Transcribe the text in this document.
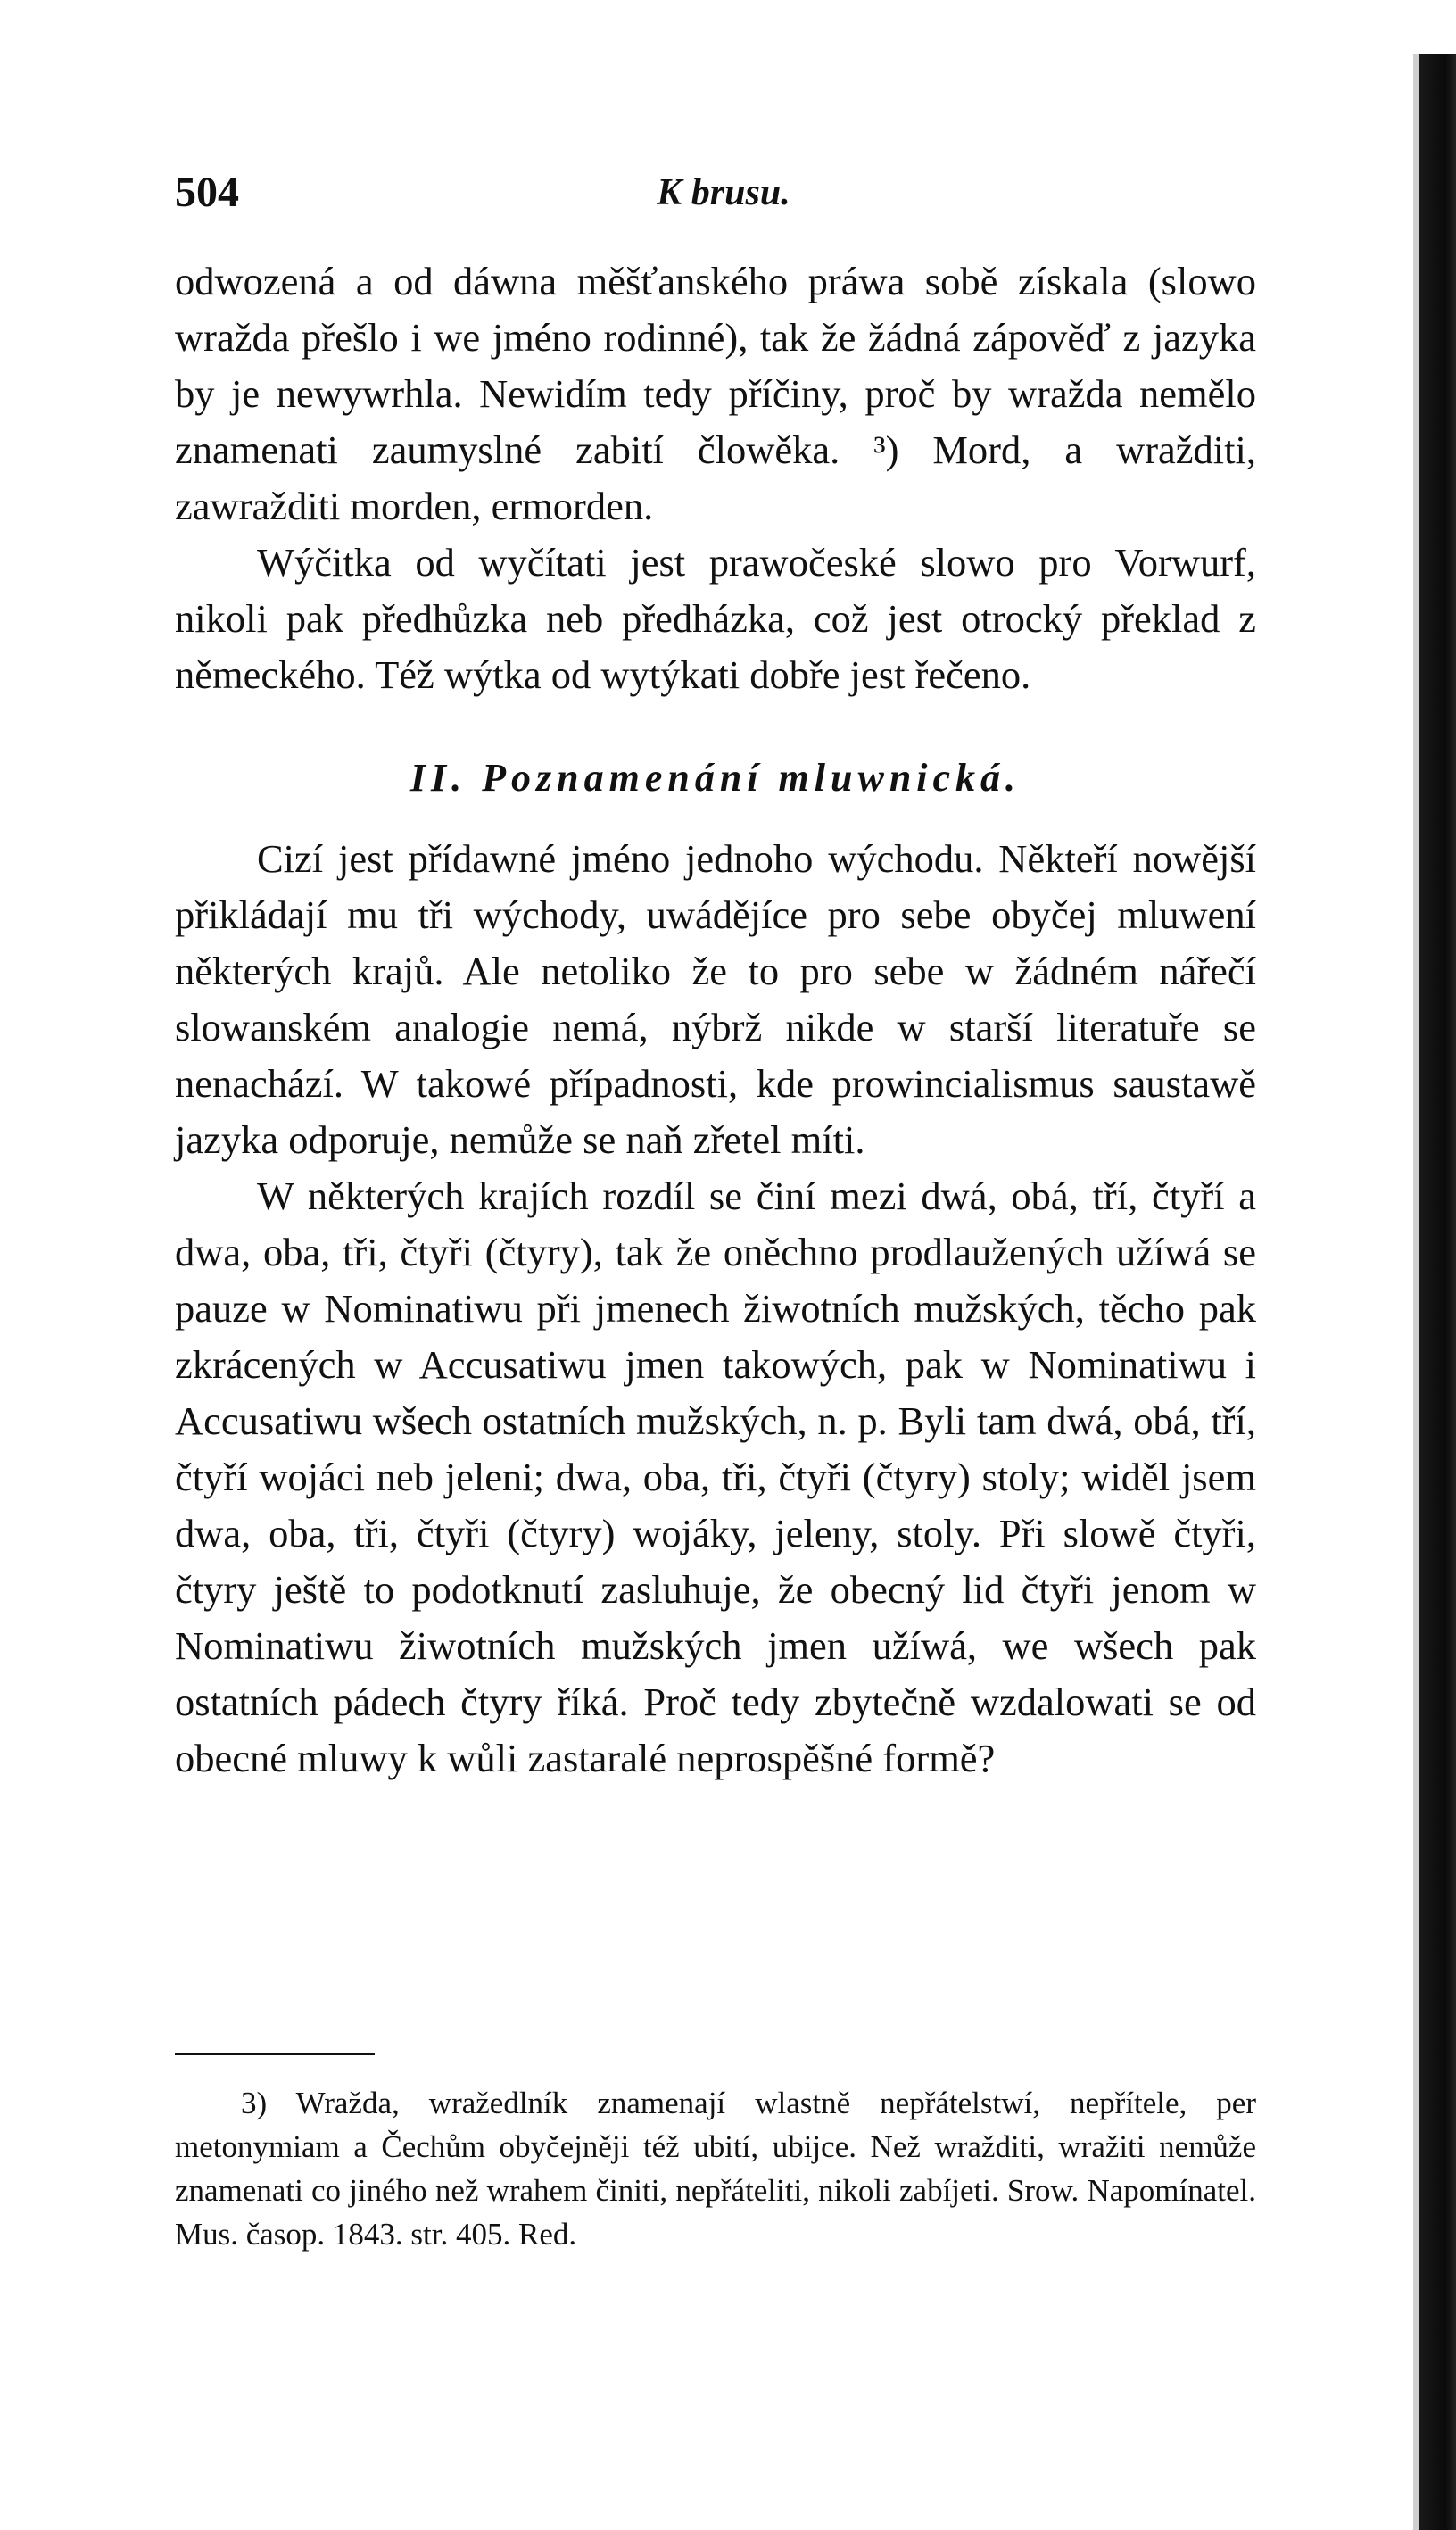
504	K brusu.

odwozená a od dáwna měšťanského práwa sobě získala (slowo wražda přešlo i we jméno rodinné), tak že žádná zápověď z jazyka by je newywrhla. Newidím tedy příčiny, proč by wražda nemělo znamenati zaumyslné zabití člowěka. ³) Mord, a wražditi, zawražditi morden, ermorden.

Wýčitka od wyčítati jest prawočeské slowo pro Vorwurf, nikoli pak předhůzka neb předházka, což jest otrocký překlad z německého. Též wýtka od wytýkati dobře jest řečeno.

II. Poznamenání mluwnická.

Cizí jest přídawné jméno jednoho wýchodu. Někteří nowější přikládají mu tři wýchody, uwádějíce pro sebe obyčej mluwení některých krajů. Ale netoliko že to pro sebe w žádném nářečí slowanském analogie nemá, nýbrž nikde w starší literatuře se nenachází. W takowé případnosti, kde prowincialismus saustawě jazyka odporuje, nemůže se naň zřetel míti.

W některých krajích rozdíl se činí mezi dwá, obá, tří, čtyří a dwa, oba, tři, čtyři (čtyry), tak že oněchno prodlaužených užíwá se pauze w Nominatiwu při jmenech žiwotních mužských, těcho pak zkrácených w Accusatiwu jmen takowých, pak w Nominatiwu i Accusatiwu wšech ostatních mužských, n. p. Byli tam dwá, obá, tří, čtyří wojáci neb jeleni; dwa, oba, tři, čtyři (čtyry) stoly; widěl jsem dwa, oba, tři, čtyři (čtyry) wojáky, jeleny, stoly. Při slowě čtyři, čtyry ještě to podotknutí zasluhuje, že obecný lid čtyři jenom w Nominatiwu žiwotních mužských jmen užíwá, we wšech pak ostatních pádech čtyry říká. Proč tedy zbytečně wzdalowati se od obecné mluwy k wůli zastaralé neprospěšné formě?

3) Wražda, wražedlník znamenají wlastně nepřátelstwí, nepřítele, per metonymiam a Čechům obyčejněji též ubití, ubijce. Než wražditi, wražiti nemůže znamenati co jiného než wrahem činiti, nepřáteliti, nikoli zabíjeti. Srow. Napomínatel. Mus. časop. 1843. str. 405. Red.
